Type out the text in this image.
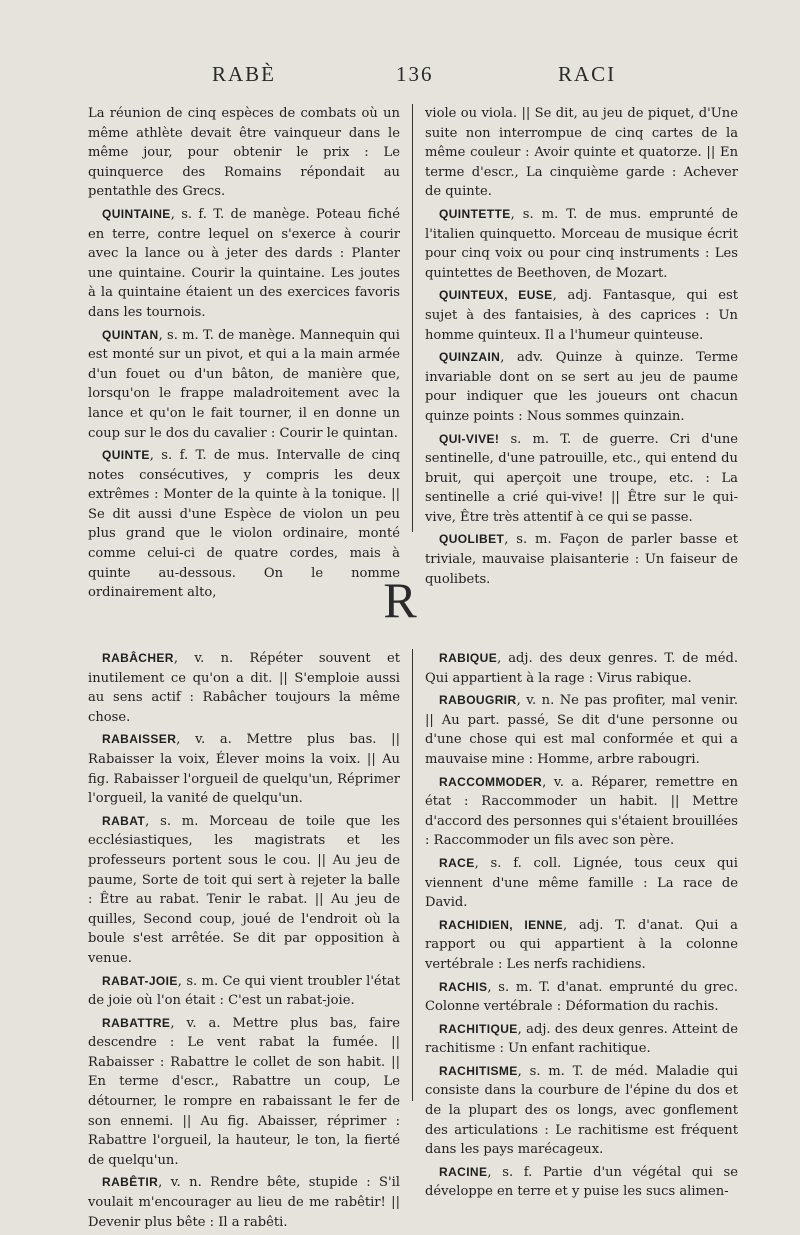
RABÈ	136	RACI

La réunion de cinq espèces de combats où un même athlète devait être vainqueur dans le même jour, pour obtenir le prix : Le quinquerce des Romains répondait au pentathle des Grecs.

QUINTAINE, s. f. T. de manège. Poteau fiché en terre, contre lequel on s'exerce à courir avec la lance ou à jeter des dards : Planter une quintaine. Courir la quintaine. Les joutes à la quintaine étaient un des exercices favoris dans les tournois.

QUINTAN, s. m. T. de manège. Mannequin qui est monté sur un pivot, et qui a la main armée d'un fouet ou d'un bâton, de manière que, lorsqu'on le frappe maladroitement avec la lance et qu'on le fait tourner, il en donne un coup sur le dos du cavalier : Courir le quintan.

QUINTE, s. f. T. de mus. Intervalle de cinq notes consécutives, y compris les deux extrêmes : Monter de la quinte à la tonique. || Se dit aussi d'une Espèce de violon un peu plus grand que le violon ordinaire, monté comme celui-ci de quatre cordes, mais à quinte au-dessous. On le nomme ordinairement alto,

viole ou viola. || Se dit, au jeu de piquet, d'Une suite non interrompue de cinq cartes de la même couleur : Avoir quinte et quatorze. || En terme d'escr., La cinquième garde : Achever de quinte.

QUINTETTE, s. m. T. de mus. emprunté de l'italien quinquetto. Morceau de musique écrit pour cinq voix ou pour cinq instruments : Les quintettes de Beethoven, de Mozart.

QUINTEUX, EUSE, adj. Fantasque, qui est sujet à des fantaisies, à des caprices : Un homme quinteux. Il a l'humeur quinteuse.

QUINZAIN, adv. Quinze à quinze. Terme invariable dont on se sert au jeu de paume pour indiquer que les joueurs ont chacun quinze points : Nous sommes quinzain.

QUI-VIVE! s. m. T. de guerre. Cri d'une sentinelle, d'une patrouille, etc., qui entend du bruit, qui aperçoit une troupe, etc. : La sentinelle a crié qui-vive! || Être sur le qui-vive, Être très attentif à ce qui se passe.

QUOLIBET, s. m. Façon de parler basse et triviale, mauvaise plaisanterie : Un faiseur de quolibets.

R

RABÂCHER, v. n. Répéter souvent et inutilement ce qu'on a dit. || S'emploie aussi au sens actif : Rabâcher toujours la même chose.

RABAISSER, v. a. Mettre plus bas. || Rabaisser la voix, Élever moins la voix. || Au fig. Rabaisser l'orgueil de quelqu'un, Réprimer l'orgueil, la vanité de quelqu'un.

RABAT, s. m. Morceau de toile que les ecclésiastiques, les magistrats et les professeurs portent sous le cou. || Au jeu de paume, Sorte de toit qui sert à rejeter la balle : Être au rabat. Tenir le rabat. || Au jeu de quilles, Second coup, joué de l'endroit où la boule s'est arrêtée. Se dit par opposition à venue.

RABAT-JOIE, s. m. Ce qui vient troubler l'état de joie où l'on était : C'est un rabat-joie.

RABATTRE, v. a. Mettre plus bas, faire descendre : Le vent rabat la fumée. || Rabaisser : Rabattre le collet de son habit. || En terme d'escr., Rabattre un coup, Le détourner, le rompre en rabaissant le fer de son ennemi. || Au fig. Abaisser, réprimer : Rabattre l'orgueil, la hauteur, le ton, la fierté de quelqu'un.

RABÊTIR, v. n. Rendre bête, stupide : S'il voulait m'encourager au lieu de me rabêtir! || Devenir plus bête : Il a rabêti.

RABIQUE, adj. des deux genres. T. de méd. Qui appartient à la rage : Virus rabique.

RABOUGRIR, v. n. Ne pas profiter, mal venir. || Au part. passé, Se dit d'une personne ou d'une chose qui est mal conformée et qui a mauvaise mine : Homme, arbre rabougri.

RACCOMMODER, v. a. Réparer, remettre en état : Raccommoder un habit. || Mettre d'accord des personnes qui s'étaient brouillées : Raccommoder un fils avec son père.

RACE, s. f. coll. Lignée, tous ceux qui viennent d'une même famille : La race de David.

RACHIDIEN, IENNE, adj. T. d'anat. Qui a rapport ou qui appartient à la colonne vertébrale : Les nerfs rachidiens.

RACHIS, s. m. T. d'anat. emprunté du grec. Colonne vertébrale : Déformation du rachis.

RACHITIQUE, adj. des deux genres. Atteint de rachitisme : Un enfant rachitique.

RACHITISME, s. m. T. de méd. Maladie qui consiste dans la courbure de l'épine du dos et de la plupart des os longs, avec gonflement des articulations : Le rachitisme est fréquent dans les pays marécageux.

RACINE, s. f. Partie d'un végétal qui se développe en terre et y puise les sucs alimen-
